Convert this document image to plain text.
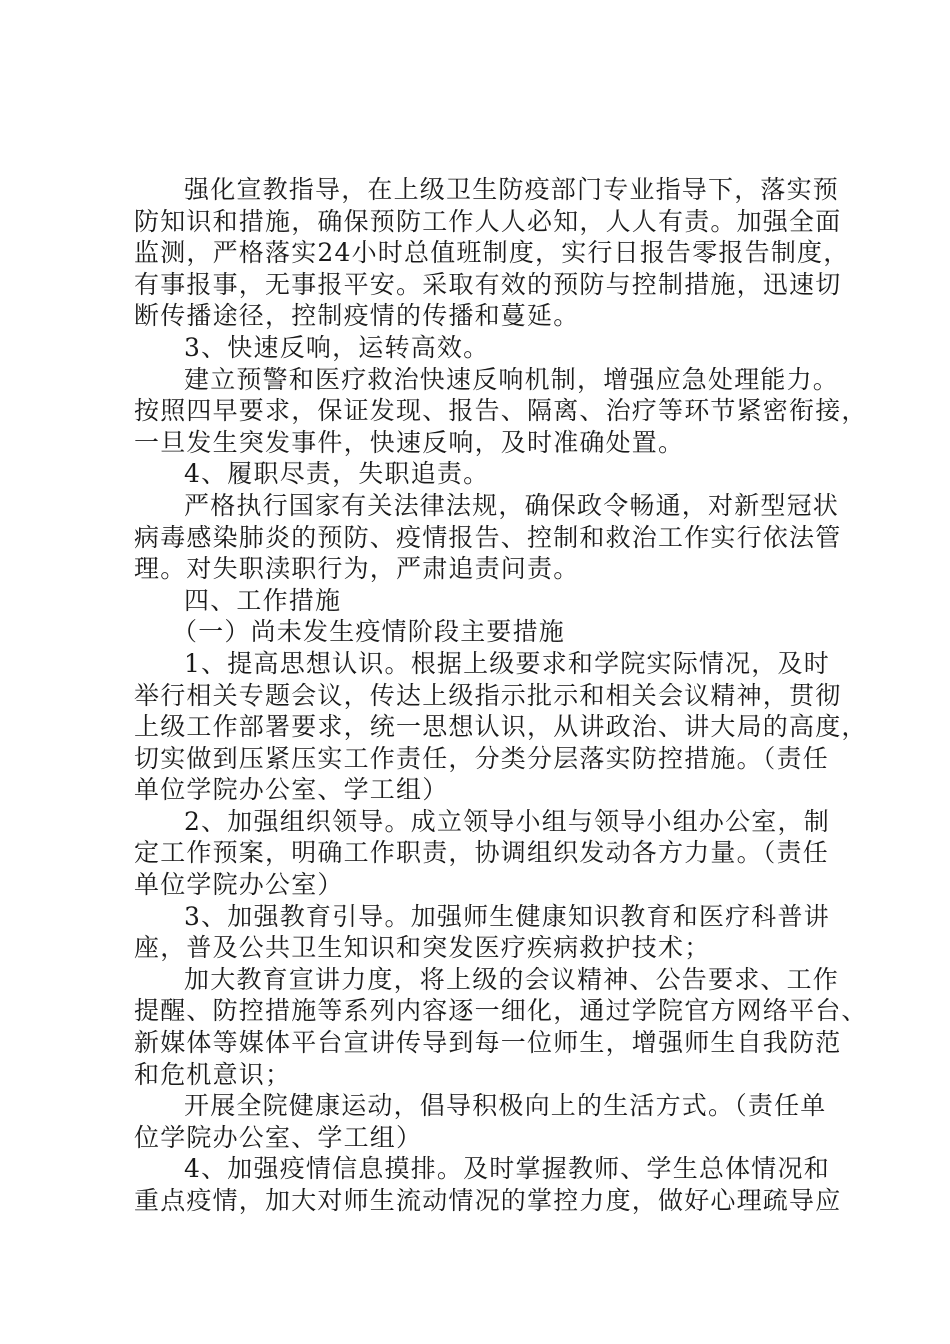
强化宣教指导，在上级卫生防疫部门专业指导下，落实预
防知识和措施，确保预防工作人人必知，人人有责。加强全面
监测，严格落实24小时总值班制度，实行日报告零报告制度，
有事报事，无事报平安。采取有效的预防与控制措施，迅速切
断传播途径，控制疫情的传播和蔓延。
3、快速反响，运转高效。
建立预警和医疗救治快速反响机制，增强应急处理能力。
按照四早要求，保证发现、报告、隔离、治疗等环节紧密衔接，
一旦发生突发事件，快速反响，及时准确处置。
4、履职尽责，失职追责。
严格执行国家有关法律法规，确保政令畅通，对新型冠状
病毒感染肺炎的预防、疫情报告、控制和救治工作实行依法管
理。对失职渎职行为，严肃追责问责。
四、工作措施
（一）尚未发生疫情阶段主要措施
1、提高思想认识。根据上级要求和学院实际情况，及时
举行相关专题会议，传达上级指示批示和相关会议精神，贯彻
上级工作部署要求，统一思想认识，从讲政治、讲大局的高度，
切实做到压紧压实工作责任，分类分层落实防控措施。（责任
单位学院办公室、学工组）
2、加强组织领导。成立领导小组与领导小组办公室，制
定工作预案，明确工作职责，协调组织发动各方力量。（责任
单位学院办公室）
3、加强教育引导。加强师生健康知识教育和医疗科普讲
座，普及公共卫生知识和突发医疗疾病救护技术；
加大教育宣讲力度，将上级的会议精神、公告要求、工作
提醒、防控措施等系列内容逐一细化，通过学院官方网络平台、
新媒体等媒体平台宣讲传导到每一位师生，增强师生自我防范
和危机意识；
开展全院健康运动，倡导积极向上的生活方式。（责任单
位学院办公室、学工组）
4、加强疫情信息摸排。及时掌握教师、学生总体情况和
重点疫情，加大对师生流动情况的掌控力度，做好心理疏导应
